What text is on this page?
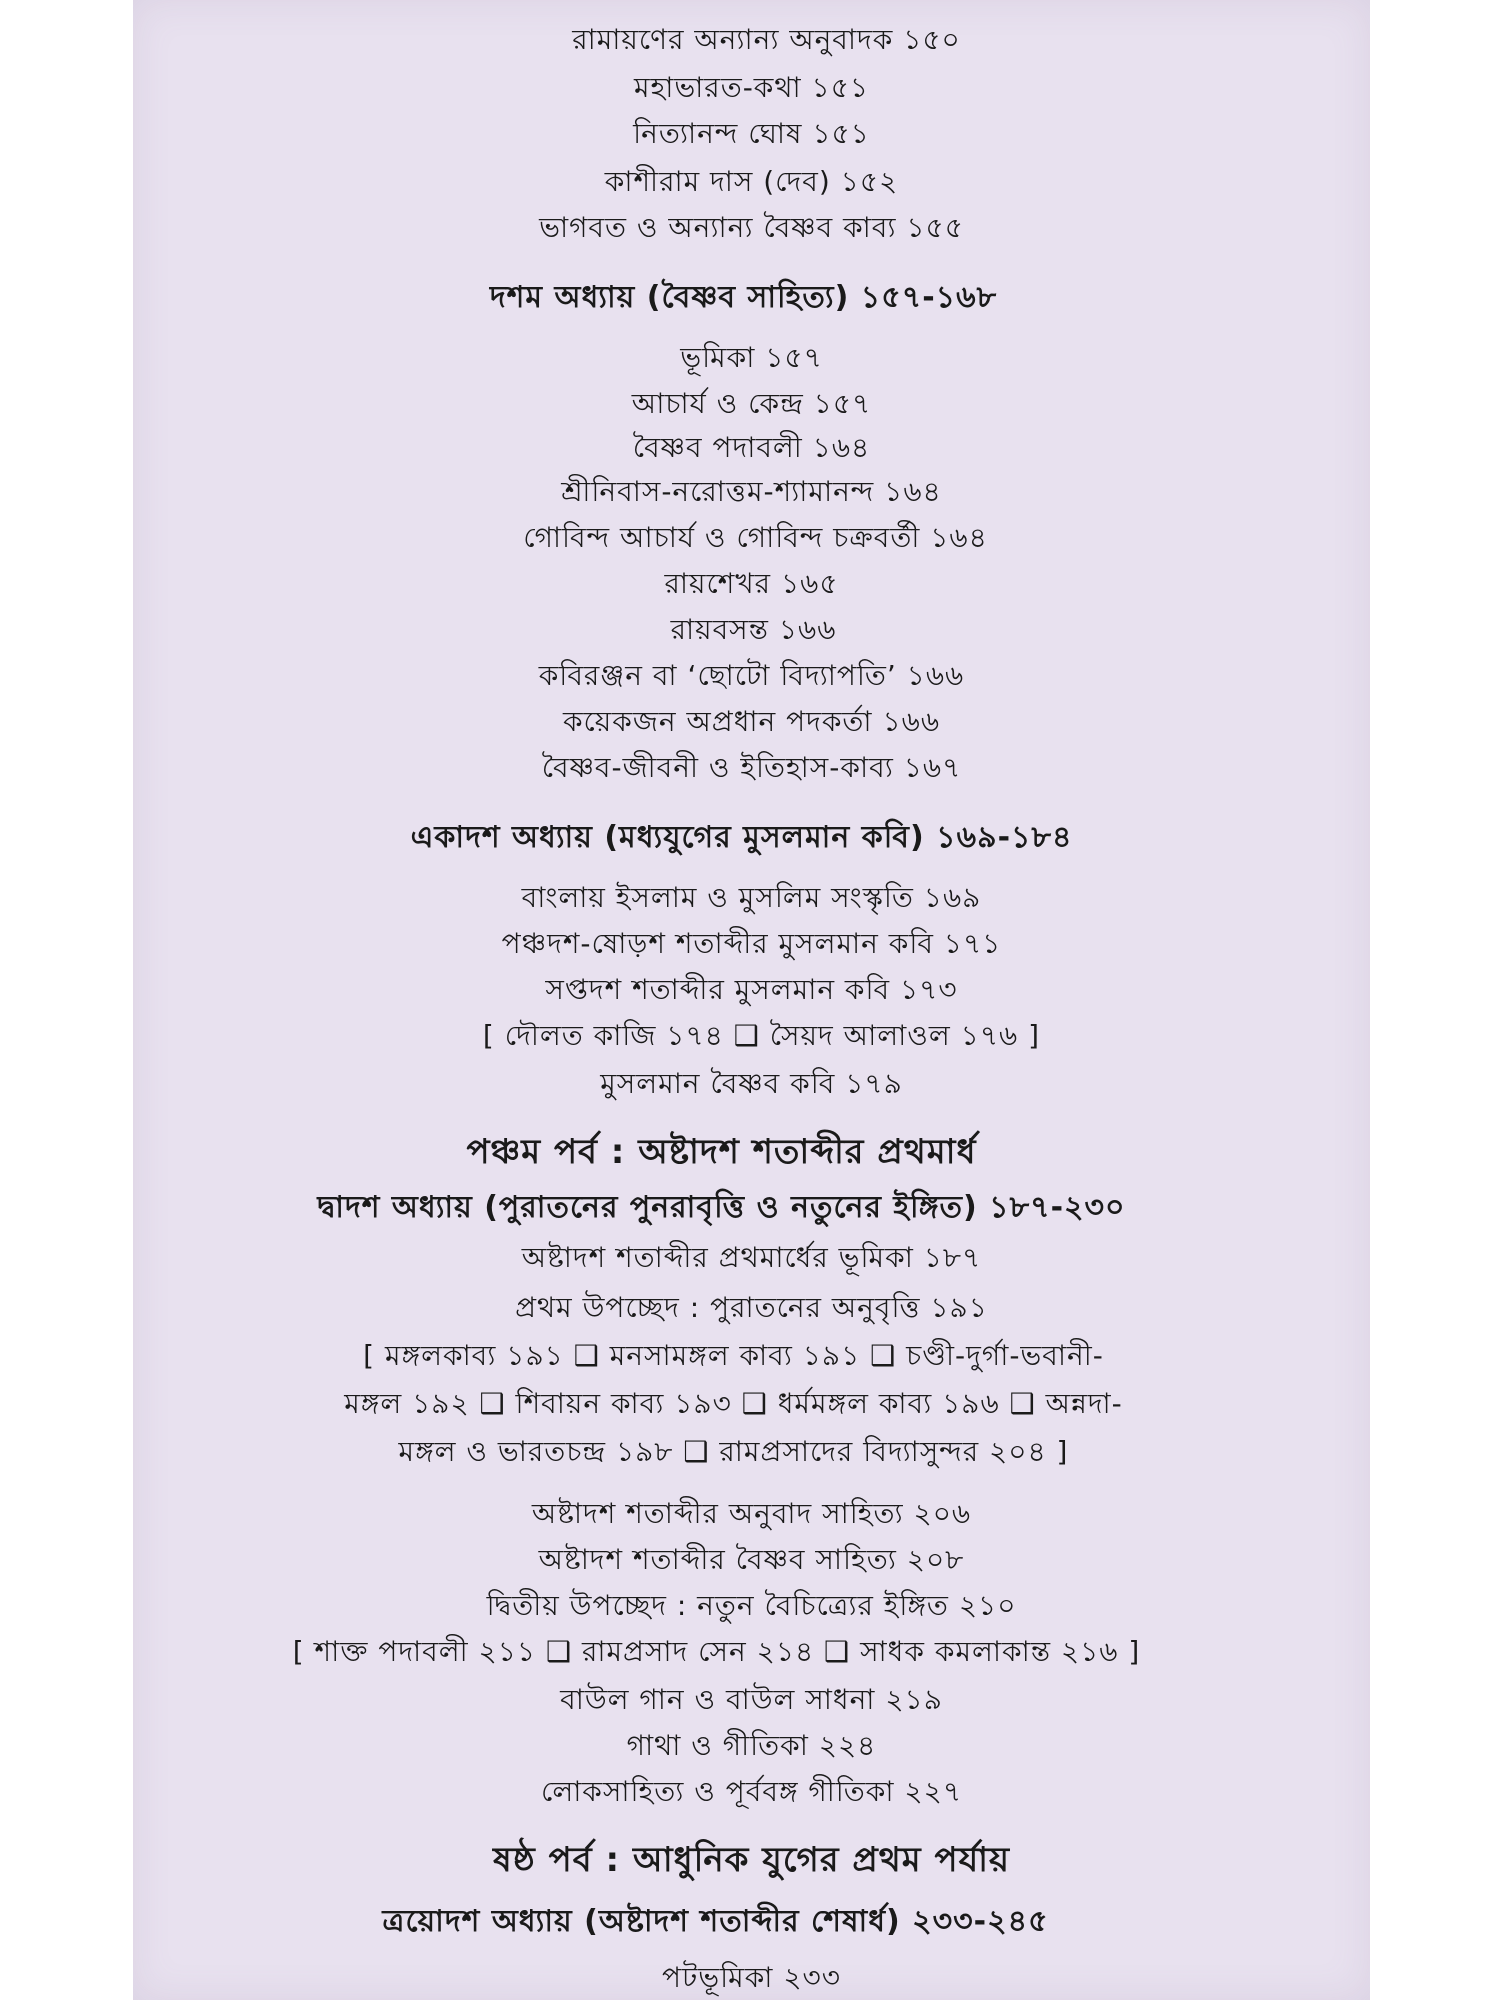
রামায়ণের অন্যান্য অনুবাদক ১৫০
মহাভারত-কথা ১৫১
নিত্যানন্দ ঘোষ ১৫১
কাশীরাম দাস (দেব) ১৫২
ভাগবত ও অন্যান্য বৈষ্ণব কাব্য ১৫৫
দশম অধ্যায় (বৈষ্ণব সাহিত্য) ১৫৭-১৬৮
ভূমিকা ১৫৭
আচার্য ও কেন্দ্র ১৫৭
বৈষ্ণব পদাবলী ১৬৪
শ্রীনিবাস-নরোত্তম-শ্যামানন্দ ১৬৪
গোবিন্দ আচার্য ও গোবিন্দ চক্রবর্তী ১৬৪
রায়শেখর ১৬৫
রায়বসন্ত ১৬৬
কবিরঞ্জন বা ‘ছোটো বিদ্যাপতি’ ১৬৬
কয়েকজন অপ্রধান পদকর্তা ১৬৬
বৈষ্ণব-জীবনী ও ইতিহাস-কাব্য ১৬৭
একাদশ অধ্যায় (মধ্যযুগের মুসলমান কবি) ১৬৯-১৮৪
বাংলায় ইসলাম ও মুসলিম সংস্কৃতি ১৬৯
পঞ্চদশ-ষোড়শ শতাব্দীর মুসলমান কবি ১৭১
সপ্তদশ শতাব্দীর মুসলমান কবি ১৭৩
[ দৌলত কাজি ১৭৪ ❑ সৈয়দ আলাওল ১৭৬ ]
মুসলমান বৈষ্ণব কবি ১৭৯
পঞ্চম পর্ব : অষ্টাদশ শতাব্দীর প্রথমার্ধ
দ্বাদশ অধ্যায় (পুরাতনের পুনরাবৃত্তি ও নতুনের ইঙ্গিত) ১৮৭-২৩০
অষ্টাদশ শতাব্দীর প্রথমার্ধের ভূমিকা ১৮৭
প্রথম উপচ্ছেদ : পুরাতনের অনুবৃত্তি ১৯১
[ মঙ্গলকাব্য ১৯১ ❑ মনসামঙ্গল কাব্য ১৯১ ❑ চণ্ডী-দুর্গা-ভবানী-
মঙ্গল ১৯২ ❑ শিবায়ন কাব্য ১৯৩ ❑ ধর্মমঙ্গল কাব্য ১৯৬ ❑ অন্নদা-
মঙ্গল ও ভারতচন্দ্র ১৯৮ ❑ রামপ্রসাদের বিদ্যাসুন্দর ২০৪ ]
অষ্টাদশ শতাব্দীর অনুবাদ সাহিত্য ২০৬
অষ্টাদশ শতাব্দীর বৈষ্ণব সাহিত্য ২০৮
দ্বিতীয় উপচ্ছেদ : নতুন বৈচিত্র্যের ইঙ্গিত ২১০
[ শাক্ত পদাবলী ২১১ ❑ রামপ্রসাদ সেন ২১৪ ❑ সাধক কমলাকান্ত ২১৬ ]
বাউল গান ও বাউল সাধনা ২১৯
গাথা ও গীতিকা ২২৪
লোকসাহিত্য ও পূর্ববঙ্গ গীতিকা ২২৭
ষষ্ঠ পর্ব : আধুনিক যুগের প্রথম পর্যায়
ত্রয়োদশ অধ্যায় (অষ্টাদশ শতাব্দীর শেষার্ধ) ২৩৩-২৪৫
পটভূমিকা ২৩৩
